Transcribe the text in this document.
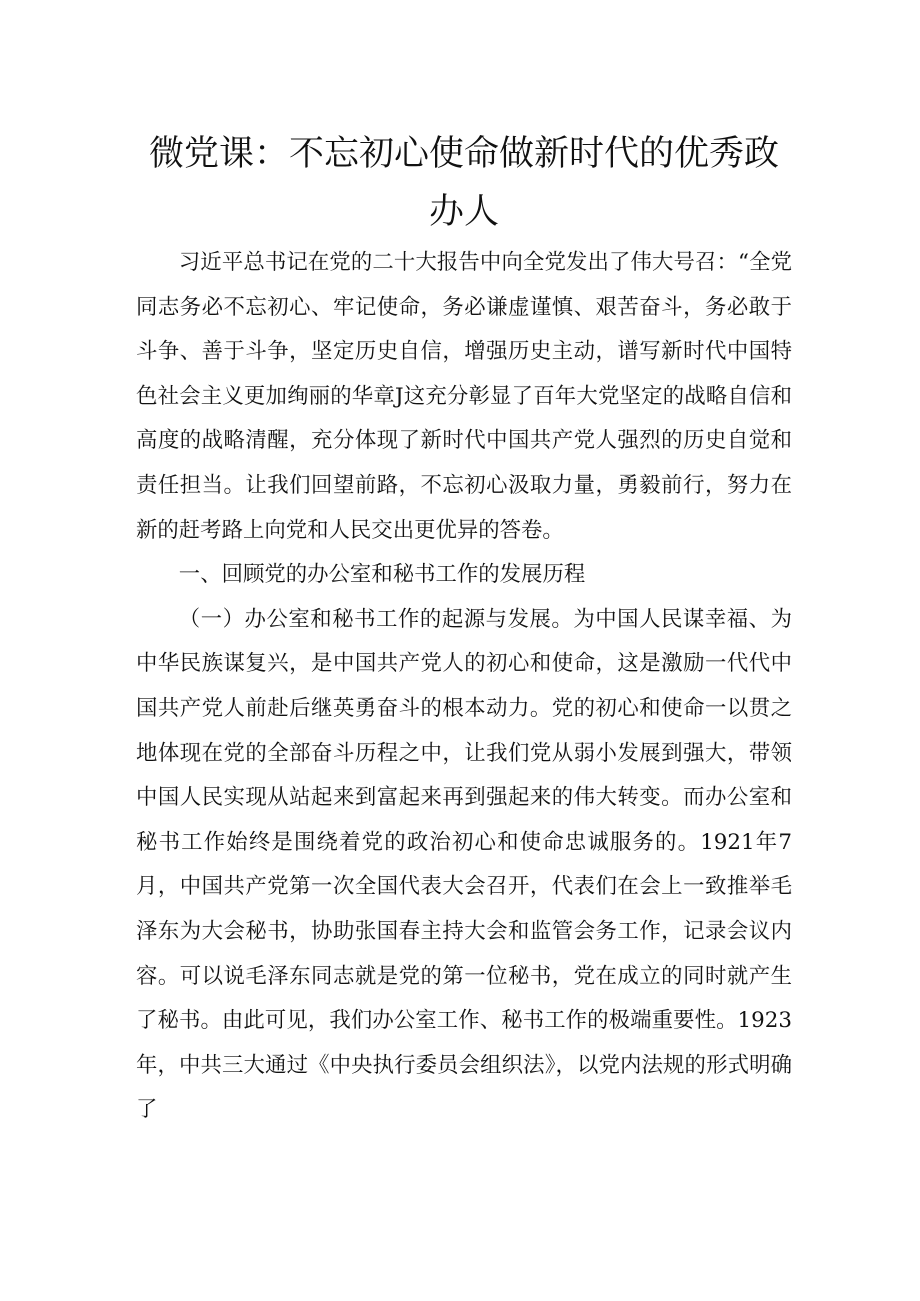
微党课：不忘初心使命做新时代的优秀政
办人

习近平总书记在党的二十大报告中向全党发出了伟大号召：“全党同志务必不忘初心、牢记使命，务必谦虚谨慎、艰苦奋斗，务必敢于斗争、善于斗争，坚定历史自信，增强历史主动，谱写新时代中国特色社会主义更加绚丽的华章J这充分彰显了百年大党坚定的战略自信和高度的战略清醒，充分体现了新时代中国共产党人强烈的历史自觉和责任担当。让我们回望前路，不忘初心汲取力量，勇毅前行，努力在新的赶考路上向党和人民交出更优异的答卷。

一、回顾党的办公室和秘书工作的发展历程

（一）办公室和秘书工作的起源与发展。为中国人民谋幸福、为中华民族谋复兴，是中国共产党人的初心和使命，这是激励一代代中国共产党人前赴后继英勇奋斗的根本动力。党的初心和使命一以贯之地体现在党的全部奋斗历程之中，让我们党从弱小发展到强大，带领中国人民实现从站起来到富起来再到强起来的伟大转变。而办公室和秘书工作始终是围绕着党的政治初心和使命忠诚服务的。1921年7月，中国共产党第一次全国代表大会召开，代表们在会上一致推举毛泽东为大会秘书，协助张国春主持大会和监管会务工作，记录会议内容。可以说毛泽东同志就是党的第一位秘书，党在成立的同时就产生了秘书。由此可见，我们办公室工作、秘书工作的极端重要性。1923年，中共三大通过《中央执行委员会组织法》，以党内法规的形式明确了
